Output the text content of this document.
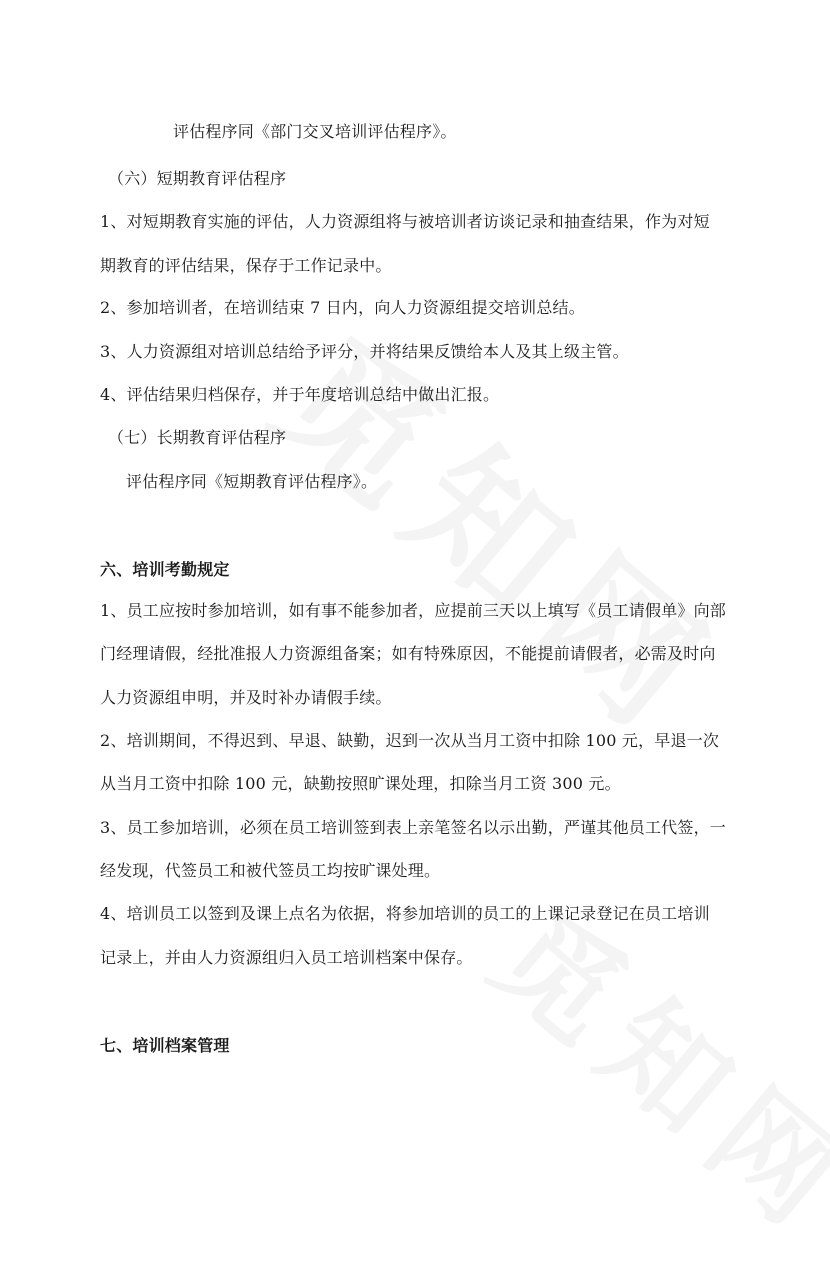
评估程序同《部门交叉培训评估程序》。
（六）短期教育评估程序
1、对短期教育实施的评估，人力资源组将与被培训者访谈记录和抽查结果，作为对短
期教育的评估结果，保存于工作记录中。
2、参加培训者，在培训结束 7 日内，向人力资源组提交培训总结。
3、人力资源组对培训总结给予评分，并将结果反馈给本人及其上级主管。
4、评估结果归档保存，并于年度培训总结中做出汇报。
（七）长期教育评估程序
评估程序同《短期教育评估程序》。
六、培训考勤规定
1、员工应按时参加培训，如有事不能参加者，应提前三天以上填写《员工请假单》向部
门经理请假，经批准报人力资源组备案；如有特殊原因，不能提前请假者，必需及时向
人力资源组申明，并及时补办请假手续。
2、培训期间，不得迟到、早退、缺勤，迟到一次从当月工资中扣除 100 元，早退一次
从当月工资中扣除 100 元，缺勤按照旷课处理，扣除当月工资 300 元。
3、员工参加培训，必须在员工培训签到表上亲笔签名以示出勤，严谨其他员工代签，一
经发现，代签员工和被代签员工均按旷课处理。
4、培训员工以签到及课上点名为依据，将参加培训的员工的上课记录登记在员工培训
记录上，并由人力资源组归入员工培训档案中保存。
七、培训档案管理
